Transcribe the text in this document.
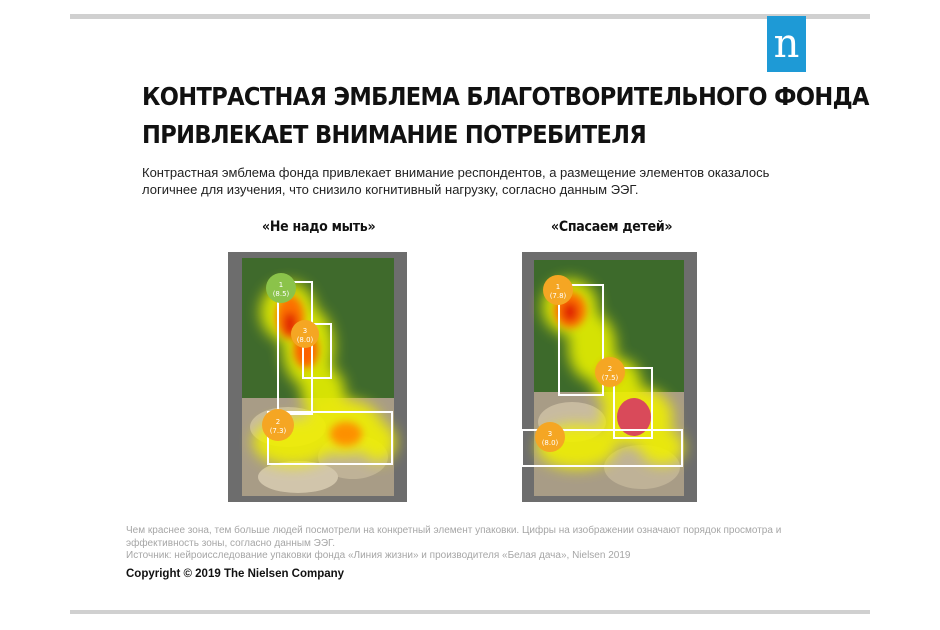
n
КОНТРАСТНАЯ ЭМБЛЕМА БЛАГОТВОРИТЕЛЬНОГО ФОНДА
ПРИВЛЕКАЕТ ВНИМАНИЕ ПОТРЕБИТЕЛЯ

Контрастная эмблема фонда привлекает внимание респондентов, а размещение элементов оказалось логичнее для изучения, что снизило когнитивный нагрузку, согласно данным ЭЭГ.

«Не надо мыть»	«Спасаем детей»
1
(8.5)
3
(8.0)
2
(7.3)
1
(7.8)
2
(7.5)
3
(8.0)

Чем краснее зона, тем больше людей посмотрели на конкретный элемент упаковки. Цифры на изображении означают порядок просмотра и эффективность зоны, согласно данным ЭЭГ.

Источник: нейроисследование упаковки фонда «Линия жизни» и производителя «Белая дача», Nielsen 2019

Copyright © 2019 The Nielsen Company
